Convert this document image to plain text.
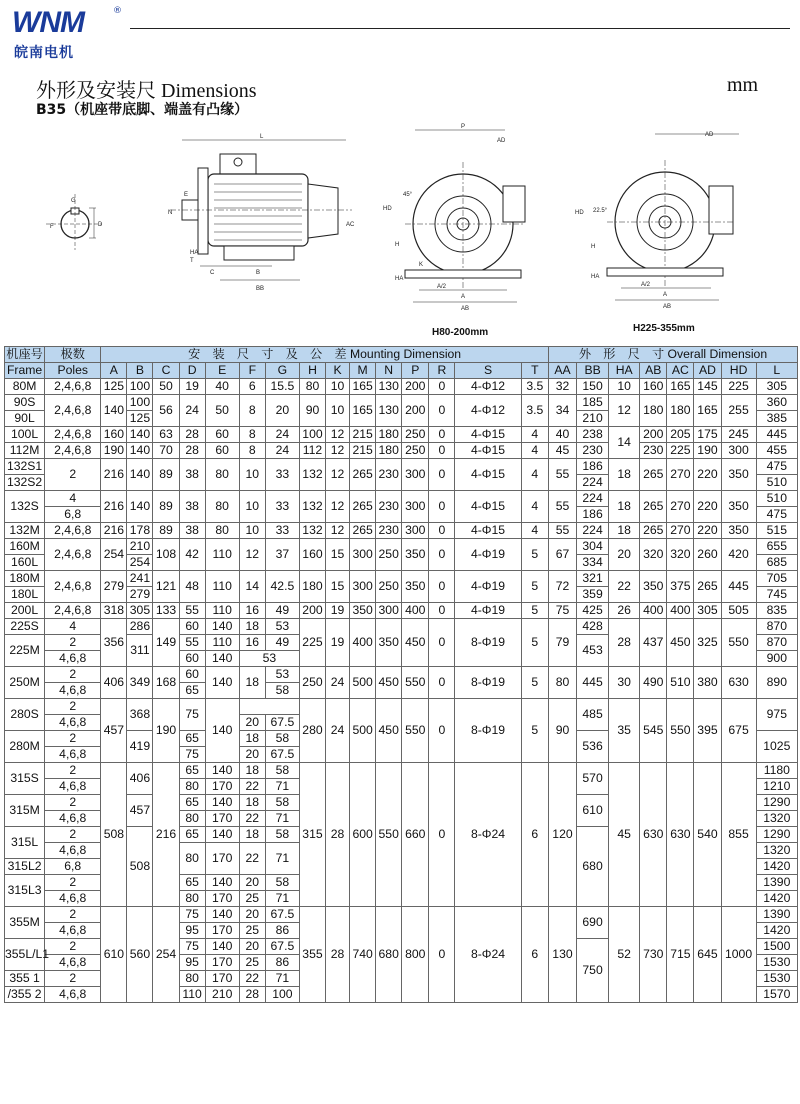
WNM	®
皖南电机
外形及安装尺 Dimensions	mm
B35（机座带底脚、端盖有凸缘）
G
F	D
L
N
E
C	B
BB
T
HA
AC
P
AD
HD
45°
H
HA
A/2
A
AB
K
H80-200mm
AD
HD 22.5°
H
HA
A/2
A
AB
H225-355mm
机座号	极数	安　装　尺　寸　及　公　差 Mounting Dimension															外　形　尺　寸 Overall Dimension							
Frame	Poles	A	B	C	D	E	F	G	H	K	M	N	P	R	S	T	AA	BB	HA	AB	AC	AD	HD	L
80M	2,4,6,8	125	100	50	19	40	6	15.5	80	10	165	130	200	0	4-Φ12	3.5	32	150	10	160	165	145	225	305
90S	2,4,6,8	140	100	56	24	50	8	20	90	10	165	130	200	0	4-Φ12	3.5	34	185	12	180	180	165	255	360
90L			125															210						385
100L	2,4,6,8	160	140	63	28	60	8	24	100	12	215	180	250	0	4-Φ15	4	40	238	14	200	205	175	245	445
112M	2,4,6,8	190	140	70	28	60	8	24	112	12	215	180	250	0	4-Φ15	4	45	230		230	225	190	300	455
132S1	2	216	140	89	38	80	10	33	132	12	265	230	300	0	4-Φ15	4	55	186	18	265	270	220	350	475
132S2																		224						510
132S	4	216	140	89	38	80	10	33	132	12	265	230	300	0	4-Φ15	4	55	224	18	265	270	220	350	510
	6,8																	186						475
132M	2,4,6,8	216	178	89	38	80	10	33	132	12	265	230	300	0	4-Φ15	4	55	224	18	265	270	220	350	515
160M	2,4,6,8	254	210	108	42	110	12	37	160	15	300	250	350	0	4-Φ19	5	67	304	20	320	320	260	420	655
160L			254															334						685
180M	2,4,6,8	279	241	121	48	110	14	42.5	180	15	300	250	350	0	4-Φ19	5	72	321	22	350	375	265	445	705
180L			279															359						745
200L	2,4,6,8	318	305	133	55	110	16	49	200	19	350	300	400	0	4-Φ19	5	75	425	26	400	400	305	505	835
225S	4	356	286	149	60	140	18	53	225	19	400	350	450	0	8-Φ19	5	79	428	28	437	450	325	550	870
225M	2		311		55	110	16	49										453						870
	4,6,8				60	140	53																	900
250M	2	406	349	168	60	140	18	53	250	24	500	450	550	0	8-Φ19	5	80	445	30	490	510	380	630	890
	4,6,8				65			58																
280S	2	457	368	190	75	140			280	24	500	450	550	0	8-Φ19	5	90	485	35	545	550	395	675	975
	4,6,8						20	67.5																
280M	2		419		65		18	58										536						1025
	4,6,8				75		20	67.5																
315S	2	508	406	216	65	140	18	58	315	28	600	550	660	0	8-Φ24	6	120	570	45	630	630	540	855	1180
	4,6,8				80	170	22	71																1210
315M	2		457		65	140	18	58										610						1290
	4,6,8				80	170	22	71																1320
315L	2		508		65	140	18	58										680						1290
	4,6,8				80	170	22	71																1320
315L2	6,8																							1420
315L3	2				65	140	20	58																1390
	4,6,8				80	170	25	71																1420
355M	2	610	560	254	75	140	20	67.5	355	28	740	680	800	0	8-Φ24	6	130	690	52	730	715	645	1000	1390
	4,6,8				95	170	25	86																1420
355L/L1	2				75	140	20	67.5										750						1500
	4,6,8				95	170	25	86																1530
355 1	2				80	170	22	71																1530
/355 2	4,6,8				110	210	28	100																1570
